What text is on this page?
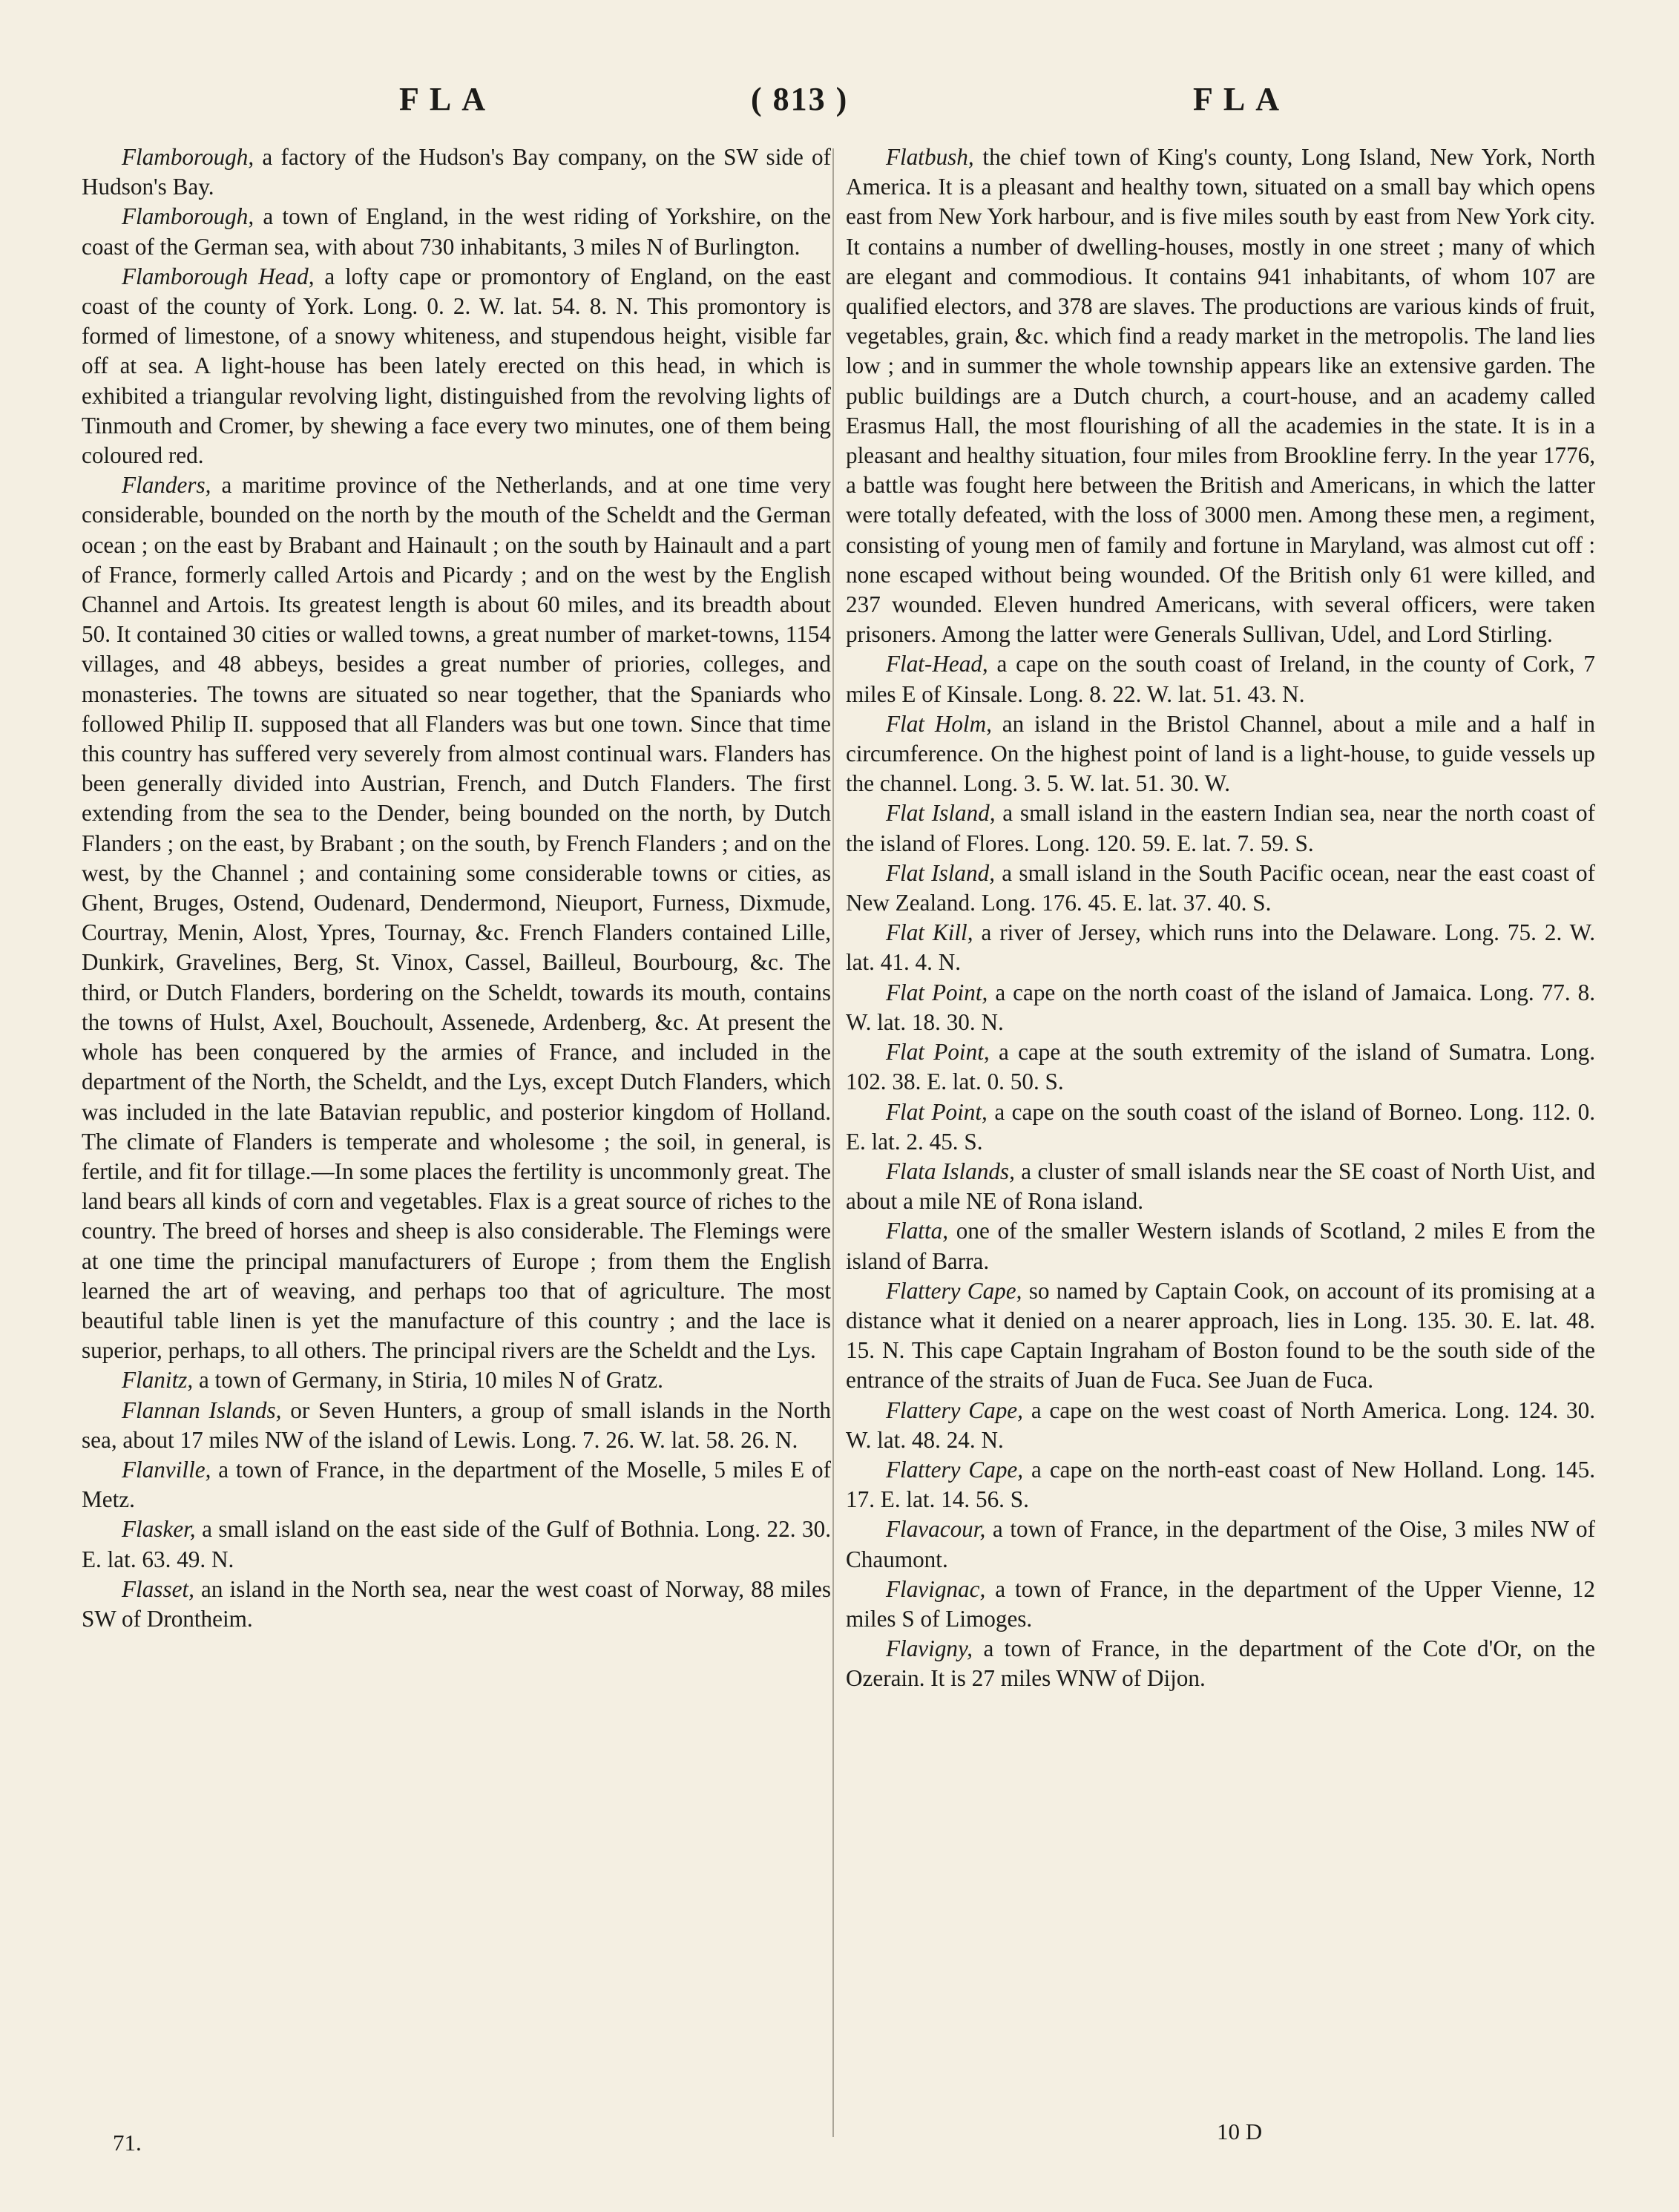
FLA	( 813 )	FLA

Flamborough, a factory of the Hudson's Bay company, on the SW side of Hudson's Bay.

Flamborough, a town of England, in the west riding of Yorkshire, on the coast of the German sea, with about 730 inhabitants, 3 miles N of Burlington.

Flamborough Head, a lofty cape or promontory of England, on the east coast of the county of York. Long. 0. 2. W. lat. 54. 8. N. This promontory is formed of limestone, of a snowy whiteness, and stupendous height, visible far off at sea. A light-house has been lately erected on this head, in which is exhibited a triangular revolving light, distinguished from the revolving lights of Tinmouth and Cromer, by shewing a face every two minutes, one of them being coloured red.

Flanders, a maritime province of the Netherlands, and at one time very considerable, bounded on the north by the mouth of the Scheldt and the German ocean ; on the east by Brabant and Hainault ; on the south by Hainault and a part of France, formerly called Artois and Picardy ; and on the west by the English Channel and Artois. Its greatest length is about 60 miles, and its breadth about 50. It contained 30 cities or walled towns, a great number of market-towns, 1154 villages, and 48 abbeys, besides a great number of priories, colleges, and monasteries. The towns are situated so near together, that the Spaniards who followed Philip II. supposed that all Flanders was but one town. Since that time this country has suffered very severely from almost continual wars. Flanders has been generally divided into Austrian, French, and Dutch Flanders. The first extending from the sea to the Dender, being bounded on the north, by Dutch Flanders ; on the east, by Brabant ; on the south, by French Flanders ; and on the west, by the Channel ; and containing some considerable towns or cities, as Ghent, Bruges, Ostend, Oudenard, Dendermond, Nieuport, Furness, Dixmude, Courtray, Menin, Alost, Ypres, Tournay, &c. French Flanders contained Lille, Dunkirk, Gravelines, Berg, St. Vinox, Cassel, Bailleul, Bourbourg, &c. The third, or Dutch Flanders, bordering on the Scheldt, towards its mouth, contains the towns of Hulst, Axel, Bouchoult, Assenede, Ardenberg, &c. At present the whole has been conquered by the armies of France, and included in the department of the North, the Scheldt, and the Lys, except Dutch Flanders, which was included in the late Batavian republic, and posterior kingdom of Holland. The climate of Flanders is temperate and wholesome ; the soil, in general, is fertile, and fit for tillage.—In some places the fertility is uncommonly great. The land bears all kinds of corn and vegetables. Flax is a great source of riches to the country. The breed of horses and sheep is also considerable. The Flemings were at one time the principal manufacturers of Europe ; from them the English learned the art of weaving, and perhaps too that of agriculture. The most beautiful table linen is yet the manufacture of this country ; and the lace is superior, perhaps, to all others. The principal rivers are the Scheldt and the Lys.

Flanitz, a town of Germany, in Stiria, 10 miles N of Gratz.

Flannan Islands, or Seven Hunters, a group of small islands in the North sea, about 17 miles NW of the island of Lewis. Long. 7. 26. W. lat. 58. 26. N.

Flanville, a town of France, in the department of the Moselle, 5 miles E of Metz.

Flasker, a small island on the east side of the Gulf of Bothnia. Long. 22. 30. E. lat. 63. 49. N.

Flasset, an island in the North sea, near the west coast of Norway, 88 miles SW of Drontheim.

Flatbush, the chief town of King's county, Long Island, New York, North America. It is a pleasant and healthy town, situated on a small bay which opens east from New York harbour, and is five miles south by east from New York city. It contains a number of dwelling-houses, mostly in one street ; many of which are elegant and commodious. It contains 941 inhabitants, of whom 107 are qualified electors, and 378 are slaves. The productions are various kinds of fruit, vegetables, grain, &c. which find a ready market in the metropolis. The land lies low ; and in summer the whole township appears like an extensive garden. The public buildings are a Dutch church, a court-house, and an academy called Erasmus Hall, the most flourishing of all the academies in the state. It is in a pleasant and healthy situation, four miles from Brookline ferry. In the year 1776, a battle was fought here between the British and Americans, in which the latter were totally defeated, with the loss of 3000 men. Among these men, a regiment, consisting of young men of family and fortune in Maryland, was almost cut off : none escaped without being wounded. Of the British only 61 were killed, and 237 wounded. Eleven hundred Americans, with several officers, were taken prisoners. Among the latter were Generals Sullivan, Udel, and Lord Stirling.

Flat-Head, a cape on the south coast of Ireland, in the county of Cork, 7 miles E of Kinsale. Long. 8. 22. W. lat. 51. 43. N.

Flat Holm, an island in the Bristol Channel, about a mile and a half in circumference. On the highest point of land is a light-house, to guide vessels up the channel. Long. 3. 5. W. lat. 51. 30. W.

Flat Island, a small island in the eastern Indian sea, near the north coast of the island of Flores. Long. 120. 59. E. lat. 7. 59. S.

Flat Island, a small island in the South Pacific ocean, near the east coast of New Zealand. Long. 176. 45. E. lat. 37. 40. S.

Flat Kill, a river of Jersey, which runs into the Delaware. Long. 75. 2. W. lat. 41. 4. N.

Flat Point, a cape on the north coast of the island of Jamaica. Long. 77. 8. W. lat. 18. 30. N.

Flat Point, a cape at the south extremity of the island of Sumatra. Long. 102. 38. E. lat. 0. 50. S.

Flat Point, a cape on the south coast of the island of Borneo. Long. 112. 0. E. lat. 2. 45. S.

Flata Islands, a cluster of small islands near the SE coast of North Uist, and about a mile NE of Rona island.

Flatta, one of the smaller Western islands of Scotland, 2 miles E from the island of Barra.

Flattery Cape, so named by Captain Cook, on account of its promising at a distance what it denied on a nearer approach, lies in Long. 135. 30. E. lat. 48. 15. N. This cape Captain Ingraham of Boston found to be the south side of the entrance of the straits of Juan de Fuca. See Juan de Fuca.

Flattery Cape, a cape on the west coast of North America. Long. 124. 30. W. lat. 48. 24. N.

Flattery Cape, a cape on the north-east coast of New Holland. Long. 145. 17. E. lat. 14. 56. S.

Flavacour, a town of France, in the department of the Oise, 3 miles NW of Chaumont.

Flavignac, a town of France, in the department of the Upper Vienne, 12 miles S of Limoges.

Flavigny, a town of France, in the department of the Cote d'Or, on the Ozerain. It is 27 miles WNW of Dijon.

71.	10 D
